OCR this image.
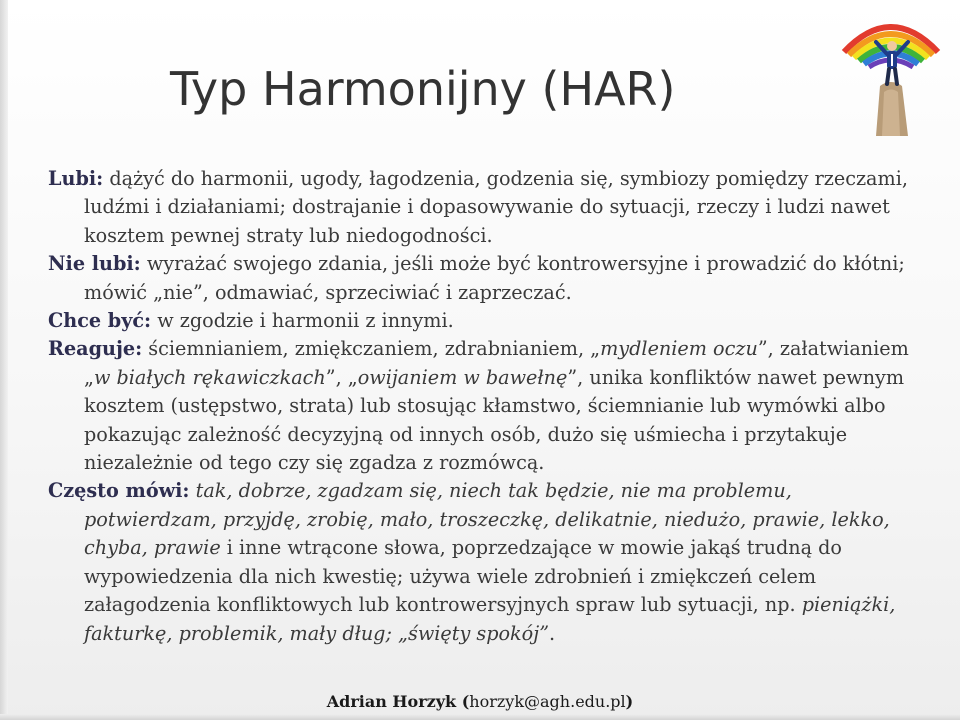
Typ Harmonijny (HAR)

Lubi: dążyć do harmonii, ugody, łagodzenia, godzenia się, symbiozy pomiędzy rzeczami, ludźmi i działaniami; dostrajanie i dopasowywanie do sytuacji, rzeczy i ludzi nawet kosztem pewnej straty lub niedogodności.

Nie lubi: wyrażać swojego zdania, jeśli może być kontrowersyjne i prowadzić do kłótni; mówić „nie”, odmawiać, sprzeciwiać i zaprzeczać.

Chce być: w zgodzie i harmonii z innymi.

Reaguje: ściemnianiem, zmiękczaniem, zdrabnianiem, „mydleniem oczu”, załatwianiem „w białych rękawiczkach”, „owijaniem w bawełnę”, unika konfliktów nawet pewnym kosztem (ustępstwo, strata) lub stosując kłamstwo, ściemnianie lub wymówki albo pokazując zależność decyzyjną od innych osób, dużo się uśmiecha i przytakuje niezależnie od tego czy się zgadza z rozmówcą.

Często mówi: tak, dobrze, zgadzam się, niech tak będzie, nie ma problemu, potwierdzam, przyjdę, zrobię, mało, troszeczkę, delikatnie, niedużo, prawie, lekko, chyba, prawie i inne wtrącone słowa, poprzedzające w mowie jakąś trudną do wypowiedzenia dla nich kwestię; używa wiele zdrobnień i zmiękczeń celem załagodzenia konfliktowych lub kontrowersyjnych spraw lub sytuacji, np. pieniążki, fakturkę, problemik, mały dług; „święty spokój”.

Adrian Horzyk (horzyk@agh.edu.pl)
